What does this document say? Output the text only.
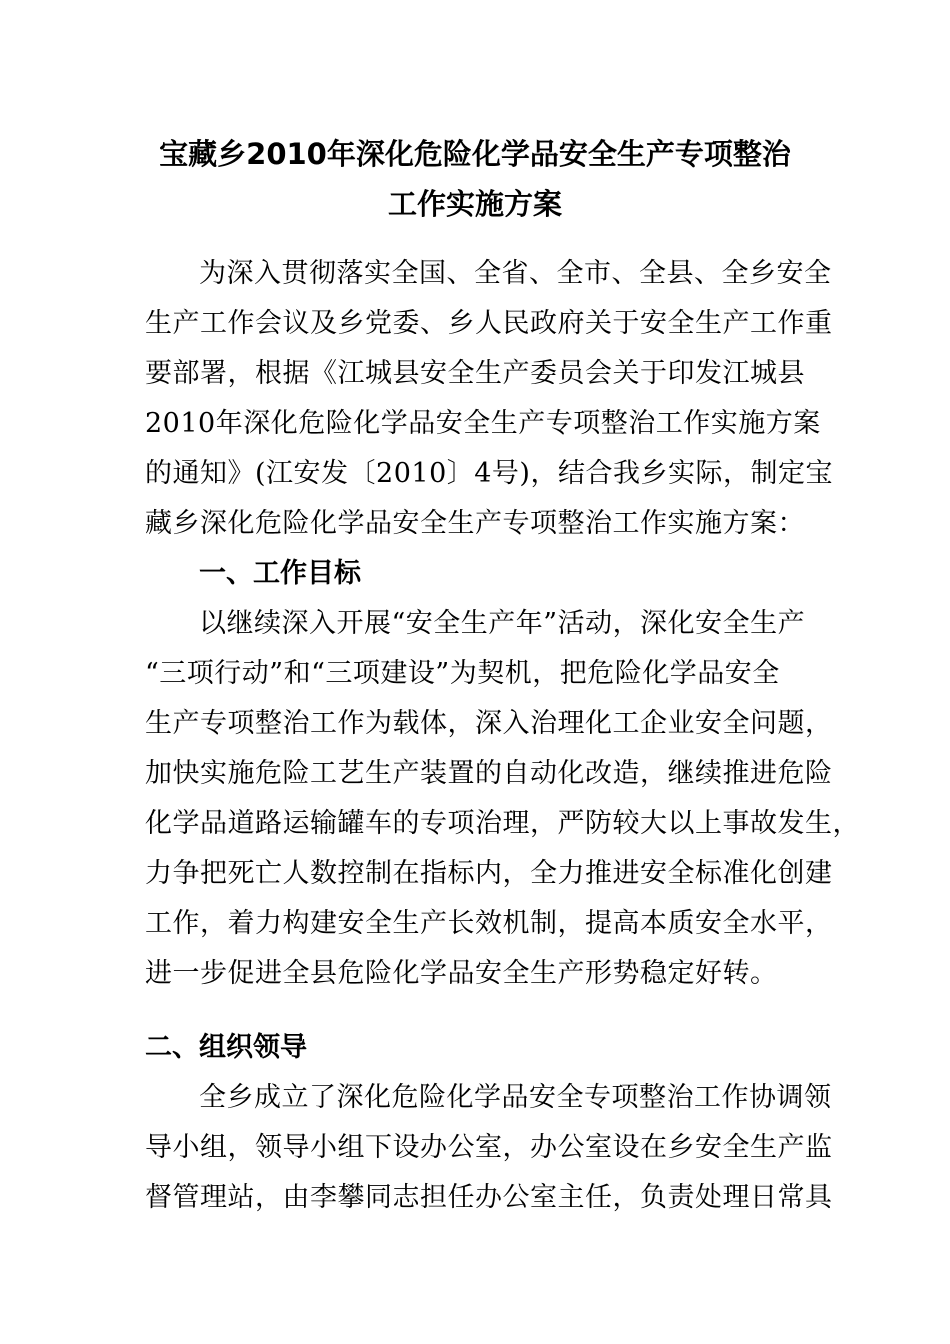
宝藏乡2010年深化危险化学品安全生产专项整治
工作实施方案
为深入贯彻落实全国、全省、全市、全县、全乡安全
生产工作会议及乡党委、乡人民政府关于安全生产工作重
要部署，根据《江城县安全生产委员会关于印发江城县
2010年深化危险化学品安全生产专项整治工作实施方案
的通知》(江安发〔2010〕4号)，结合我乡实际，制定宝
藏乡深化危险化学品安全生产专项整治工作实施方案：
一、工作目标
以继续深入开展“安全生产年”活动，深化安全生产
“三项行动”和“三项建设”为契机，把危险化学品安全
生产专项整治工作为载体，深入治理化工企业安全问题，
加快实施危险工艺生产装置的自动化改造，继续推进危险
化学品道路运输罐车的专项治理，严防较大以上事故发生，
力争把死亡人数控制在指标内，全力推进安全标准化创建
工作，着力构建安全生产长效机制，提高本质安全水平，
进一步促进全县危险化学品安全生产形势稳定好转。
二、组织领导
全乡成立了深化危险化学品安全专项整治工作协调领
导小组，领导小组下设办公室，办公室设在乡安全生产监
督管理站，由李攀同志担任办公室主任，负责处理日常具
